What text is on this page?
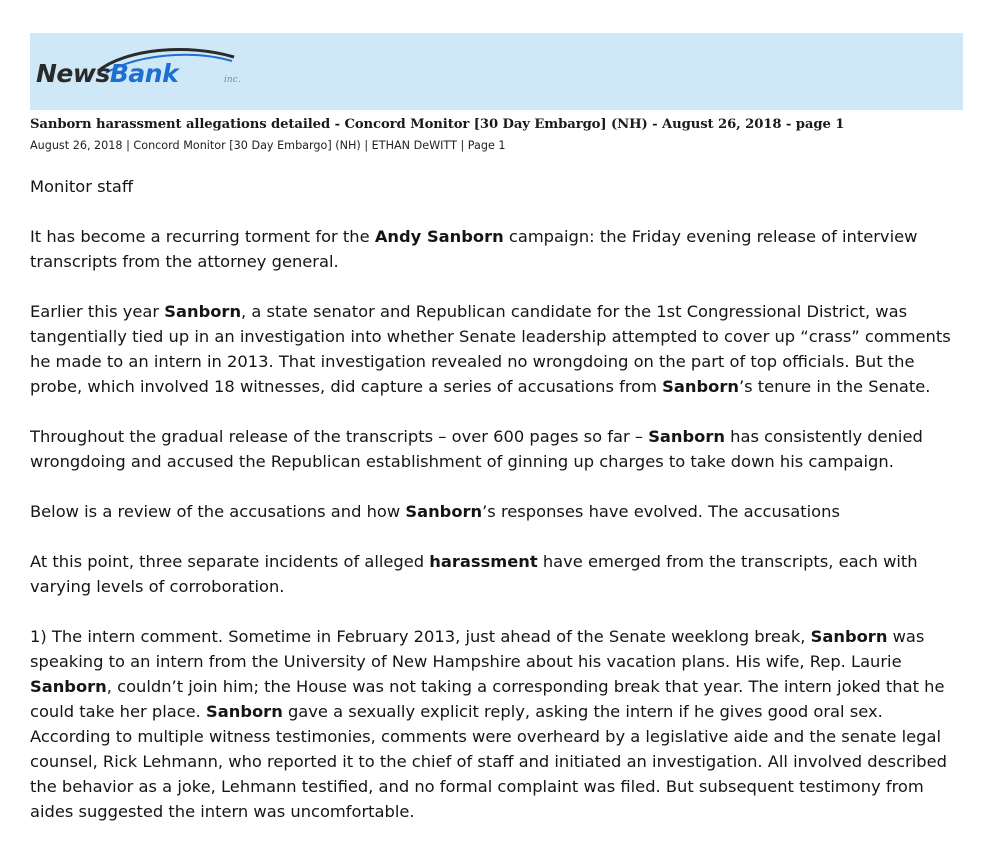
NewsBank	inc.
Sanborn harassment allegations detailed - Concord Monitor [30 Day Embargo] (NH) - August 26, 2018 - page 1
August 26, 2018 | Concord Monitor [30 Day Embargo] (NH) | ETHAN DeWITT | Page 1

Monitor staff

It has become a recurring torment for the Andy Sanborn campaign: the Friday evening release of interview transcripts from the attorney general.

Earlier this year Sanborn, a state senator and Republican candidate for the 1st Congressional District, was tangentially tied up in an investigation into whether Senate leadership attempted to cover up “crass” comments he made to an intern in 2013. That investigation revealed no wrongdoing on the part of top officials. But the probe, which involved 18 witnesses, did capture a series of accusations from Sanborn’s tenure in the Senate.

Throughout the gradual release of the transcripts – over 600 pages so far – Sanborn has consistently denied wrongdoing and accused the Republican establishment of ginning up charges to take down his campaign.

Below is a review of the accusations and how Sanborn’s responses have evolved. The accusations

At this point, three separate incidents of alleged harassment have emerged from the transcripts, each with varying levels of corroboration.

1) The intern comment. Sometime in February 2013, just ahead of the Senate weeklong break, Sanborn was speaking to an intern from the University of New Hampshire about his vacation plans. His wife, Rep. Laurie Sanborn, couldn’t join him; the House was not taking a corresponding break that year. The intern joked that he could take her place. Sanborn gave a sexually explicit reply, asking the intern if he gives good oral sex. According to multiple witness testimonies, comments were overheard by a legislative aide and the senate legal counsel, Rick Lehmann, who reported it to the chief of staff and initiated an investigation. All involved described the behavior as a joke, Lehmann testified, and no formal complaint was filed. But subsequent testimony from aides suggested the intern was uncomfortable.
